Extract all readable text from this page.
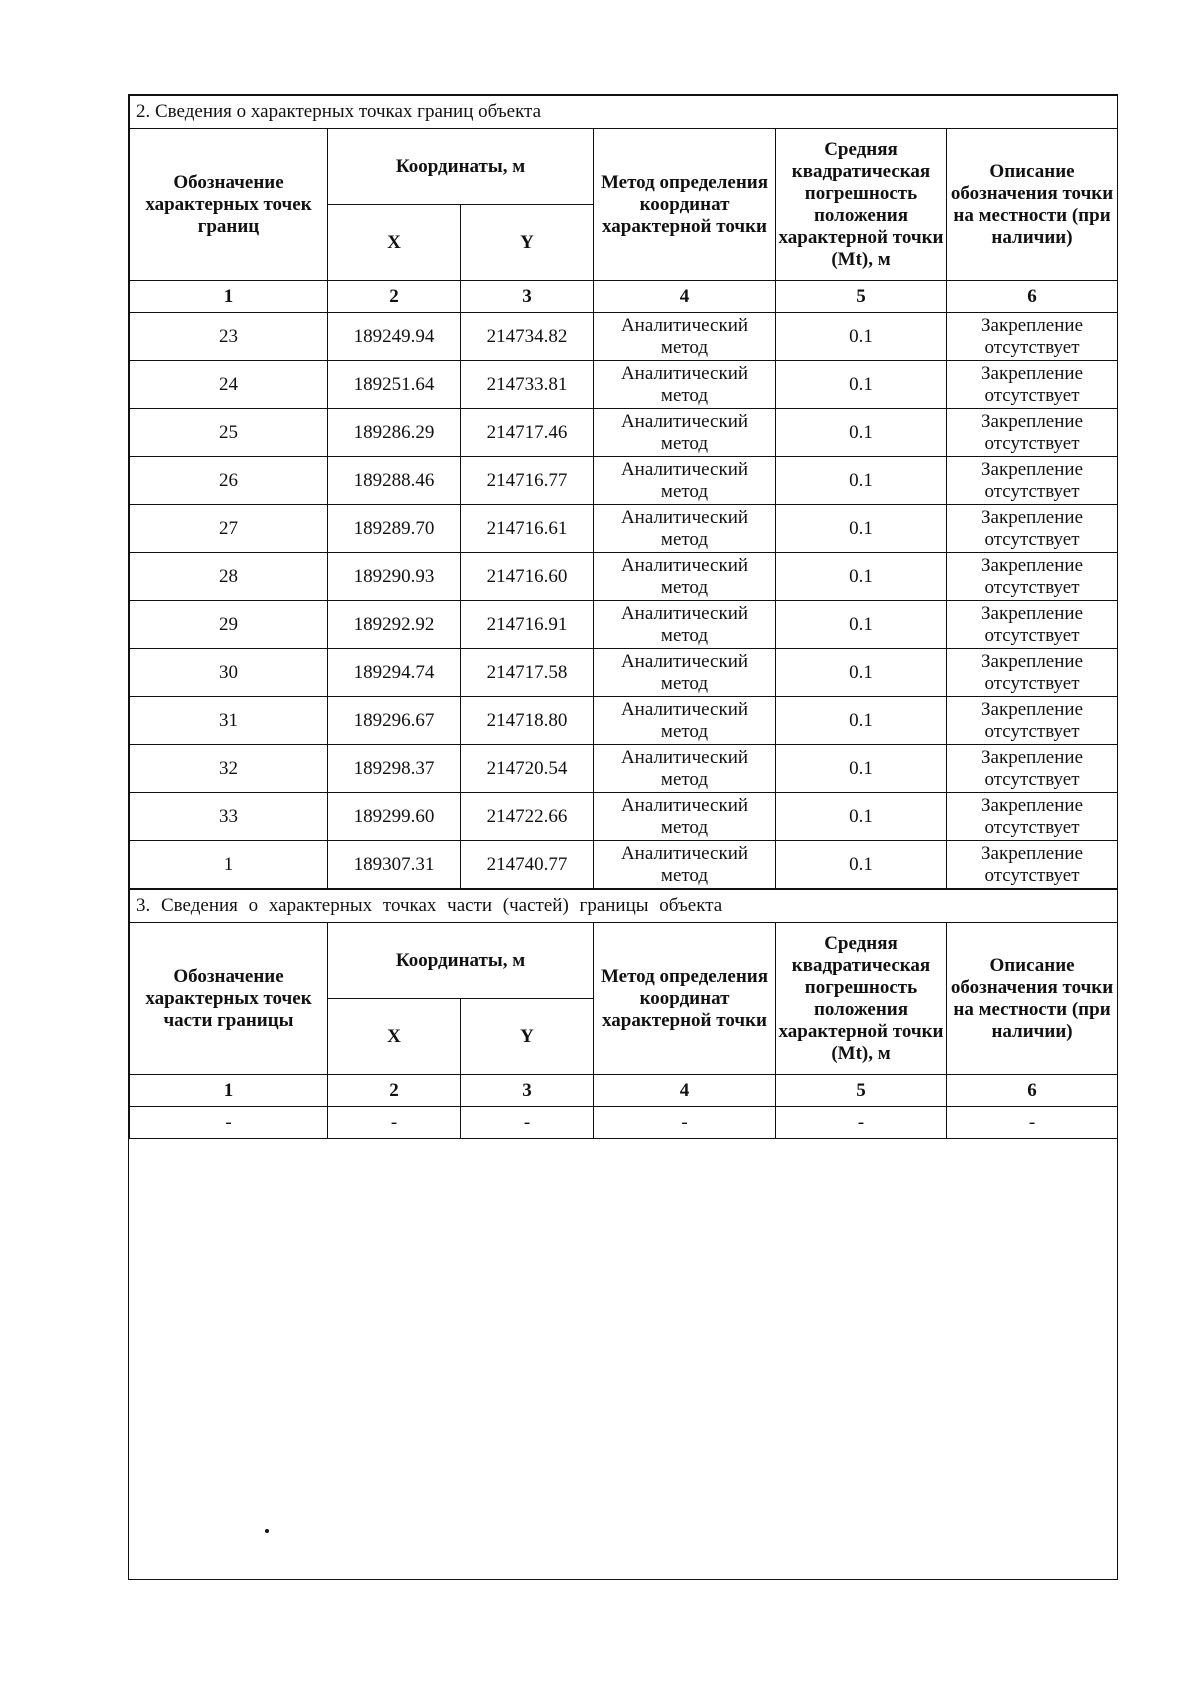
2. Сведения о характерных точках границ объекта					
Обозначение характерных точек границ	Координаты, м		Метод определения координат характерной точки	Средняя квадратическая погрешность положения характерной точки (Mt), м	Описание обозначения точки на местности (при наличии)
	X	Y			
1	2	3	4	5	6
23	189249.94	214734.82	Аналитический метод	0.1	Закрепление отсутствует
24	189251.64	214733.81	Аналитический метод	0.1	Закрепление отсутствует
25	189286.29	214717.46	Аналитический метод	0.1	Закрепление отсутствует
26	189288.46	214716.77	Аналитический метод	0.1	Закрепление отсутствует
27	189289.70	214716.61	Аналитический метод	0.1	Закрепление отсутствует
28	189290.93	214716.60	Аналитический метод	0.1	Закрепление отсутствует
29	189292.92	214716.91	Аналитический метод	0.1	Закрепление отсутствует
30	189294.74	214717.58	Аналитический метод	0.1	Закрепление отсутствует
31	189296.67	214718.80	Аналитический метод	0.1	Закрепление отсутствует
32	189298.37	214720.54	Аналитический метод	0.1	Закрепление отсутствует
33	189299.60	214722.66	Аналитический метод	0.1	Закрепление отсутствует
1	189307.31	214740.77	Аналитический метод	0.1	Закрепление отсутствует
3. Сведения о характерных точках части (частей) границы объекта					
Обозначение характерных точек части границы	Координаты, м		Метод определения координат характерной точки	Средняя квадратическая погрешность положения характерной точки (Mt), м	Описание обозначения точки на местности (при наличии)
	X	Y			
1	2	3	4	5	6
-	-	-	-	-	-
